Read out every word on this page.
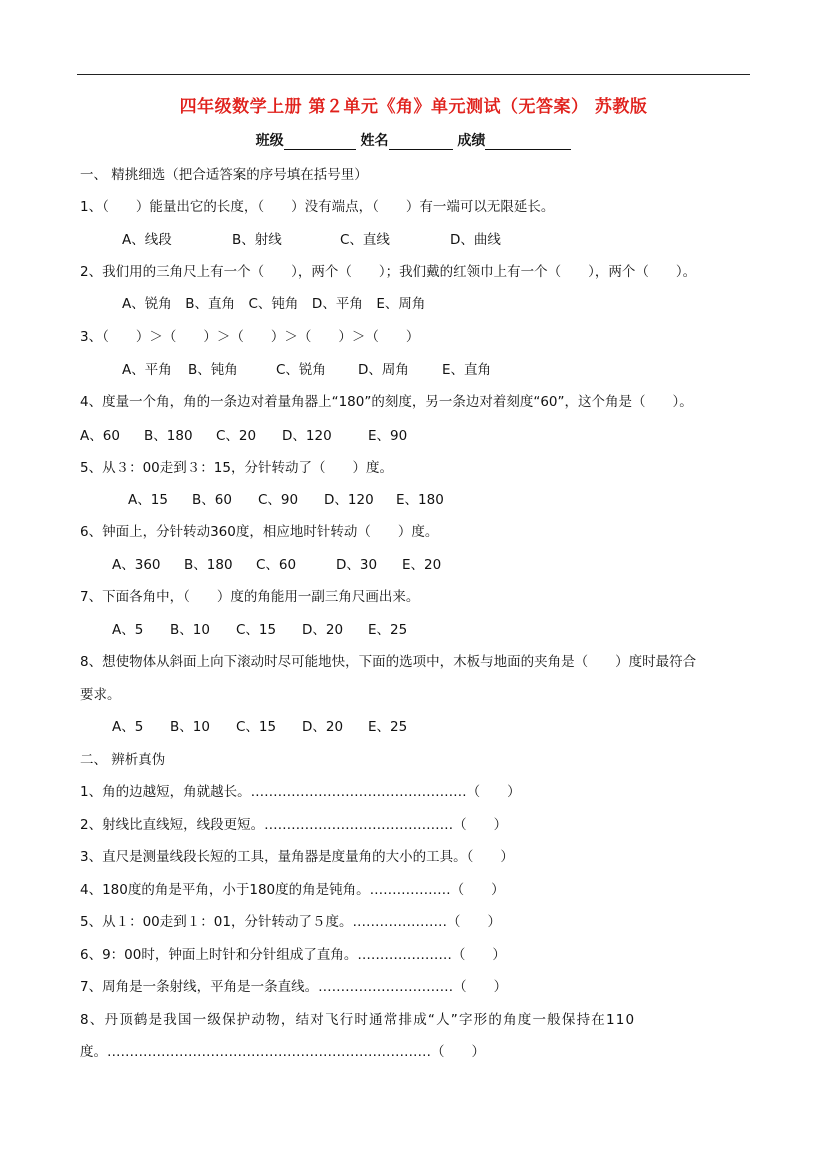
四年级数学上册 第２单元《角》单元测试（无答案） 苏教版
班级	姓名	成绩
一、 精挑细选（把合适答案的序号填在括号里）
1、（　　）能量出它的长度，（　　）没有端点，（　　）有一端可以无限延长。
A、线段	B、射线	C、直线	D、曲线
2、我们用的三角尺上有一个（　　），两个（　　）；我们戴的红领巾上有一个（　　），两个（　　）。
A、锐角　B、直角　C、钝角　D、平角　E、周角
3、（　　）＞（　　）＞（　　）＞（　　）＞（　　）
A、平角 B、钝角	C、锐角 D、周角 E、直角
4、度量一个角，角的一条边对着量角器上“180”的刻度，另一条边对着刻度“60”，这个角是（　　）。
A、60 B、180 C、20 D、120	E、90
5、从３：00走到３：15，分针转动了（　　）度。
A、15 B、60 C、90 D、120 E、180
6、钟面上，分针转动360度，相应地时针转动（　　）度。
A、360 B、180 C、60	D、30 E、20
7、下面各角中，（　　）度的角能用一副三角尺画出来。
A、5 B、10 C、15 D、20 E、25
8、想使物体从斜面上向下滚动时尽可能地快，下面的选项中，木板与地面的夹角是（　　）度时最符合
要求。
A、5 B、10 C、15 D、20 E、25
二、 辨析真伪
1、角的边越短，角就越长。…………………………………………（　　）
2、射线比直线短，线段更短。……………………………………（　　）
3、直尺是测量线段长短的工具，量角器是度量角的大小的工具。（　　）
4、180度的角是平角，小于180度的角是钝角。………………（　　）
5、从１：00走到１：01，分针转动了５度。…………………（　　）
6、9：00时，钟面上时针和分针组成了直角。…………………（　　）
7、周角是一条射线，平角是一条直线。…………………………（　　）
8、丹顶鹤是我国一级保护动物，结对飞行时通常排成“人”字形的角度一般保持在110
度。………………………………………………………………（　　）
